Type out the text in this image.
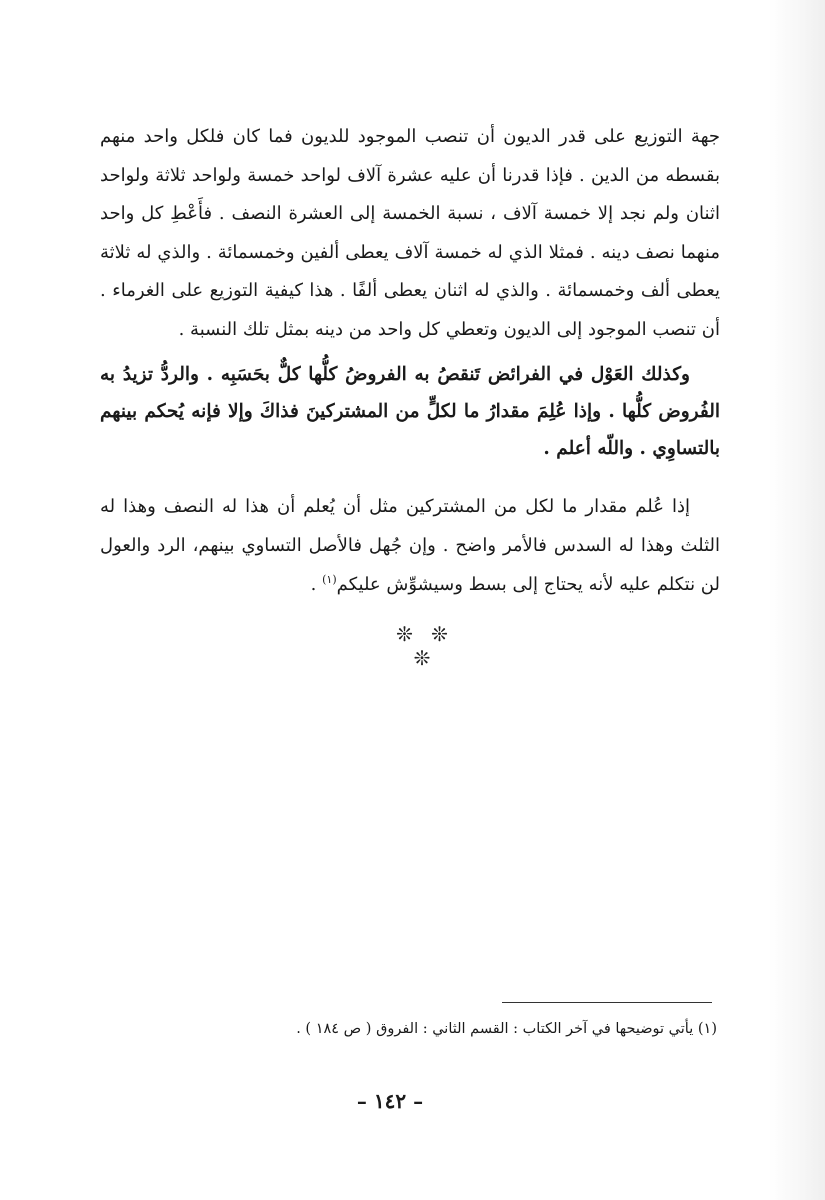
جهة التوزيع على قدر الديون أن تنصب الموجود للديون فما كان فلكل واحد منهم بقسطه من الدين . فإذا قدرنا أن عليه عشرة آلاف لواحد خمسة ولواحد ثلاثة ولواحد اثنان ولم نجد إلا خمسة آلاف ، نسبة الخمسة إلى العشرة النصف . فأَعْطِ كل واحد منهما نصف دينه . فمثلا الذي له خمسة آلاف يعطى ألفين وخمسمائة . والذي له ثلاثة يعطى ألف وخمسمائة . والذي له اثنان يعطى ألفًا . هذا كيفية التوزيع على الغرماء . أن تنصب الموجود إلى الديون وتعطي كل واحد من دينه بمثل تلك النسبة .
وكذلك العَوْل في الفرائض تَنقصُ به الفروضُ كلُّها كلٌّ بحَسَبِه . والردُّ تزيدُ به الفُروض كلُّها . وإذا عُلِمَ مقدارُ ما لكلٍّ من المشتركينَ فذاكَ وإلا فإنه يُحكم بينهم بالتساوِي . واللّه أعلم .
إذا عُلم مقدار ما لكل من المشتركين مثل أن يُعلم أن هذا له النصف وهذا له الثلث وهذا له السدس فالأمر واضح . وإن جُهل فالأصل التساوي بينهم، الرد والعول لن نتكلم عليه لأنه يحتاج إلى بسط وسيشوِّش عليكم$^{(١)}$ .
❊ ❊ ❊
(١) يأتي توضيحها في آخر الكتاب : القسم الثاني : الفروق ( ص ١٨٤ ) .
– ١٤٢ –
